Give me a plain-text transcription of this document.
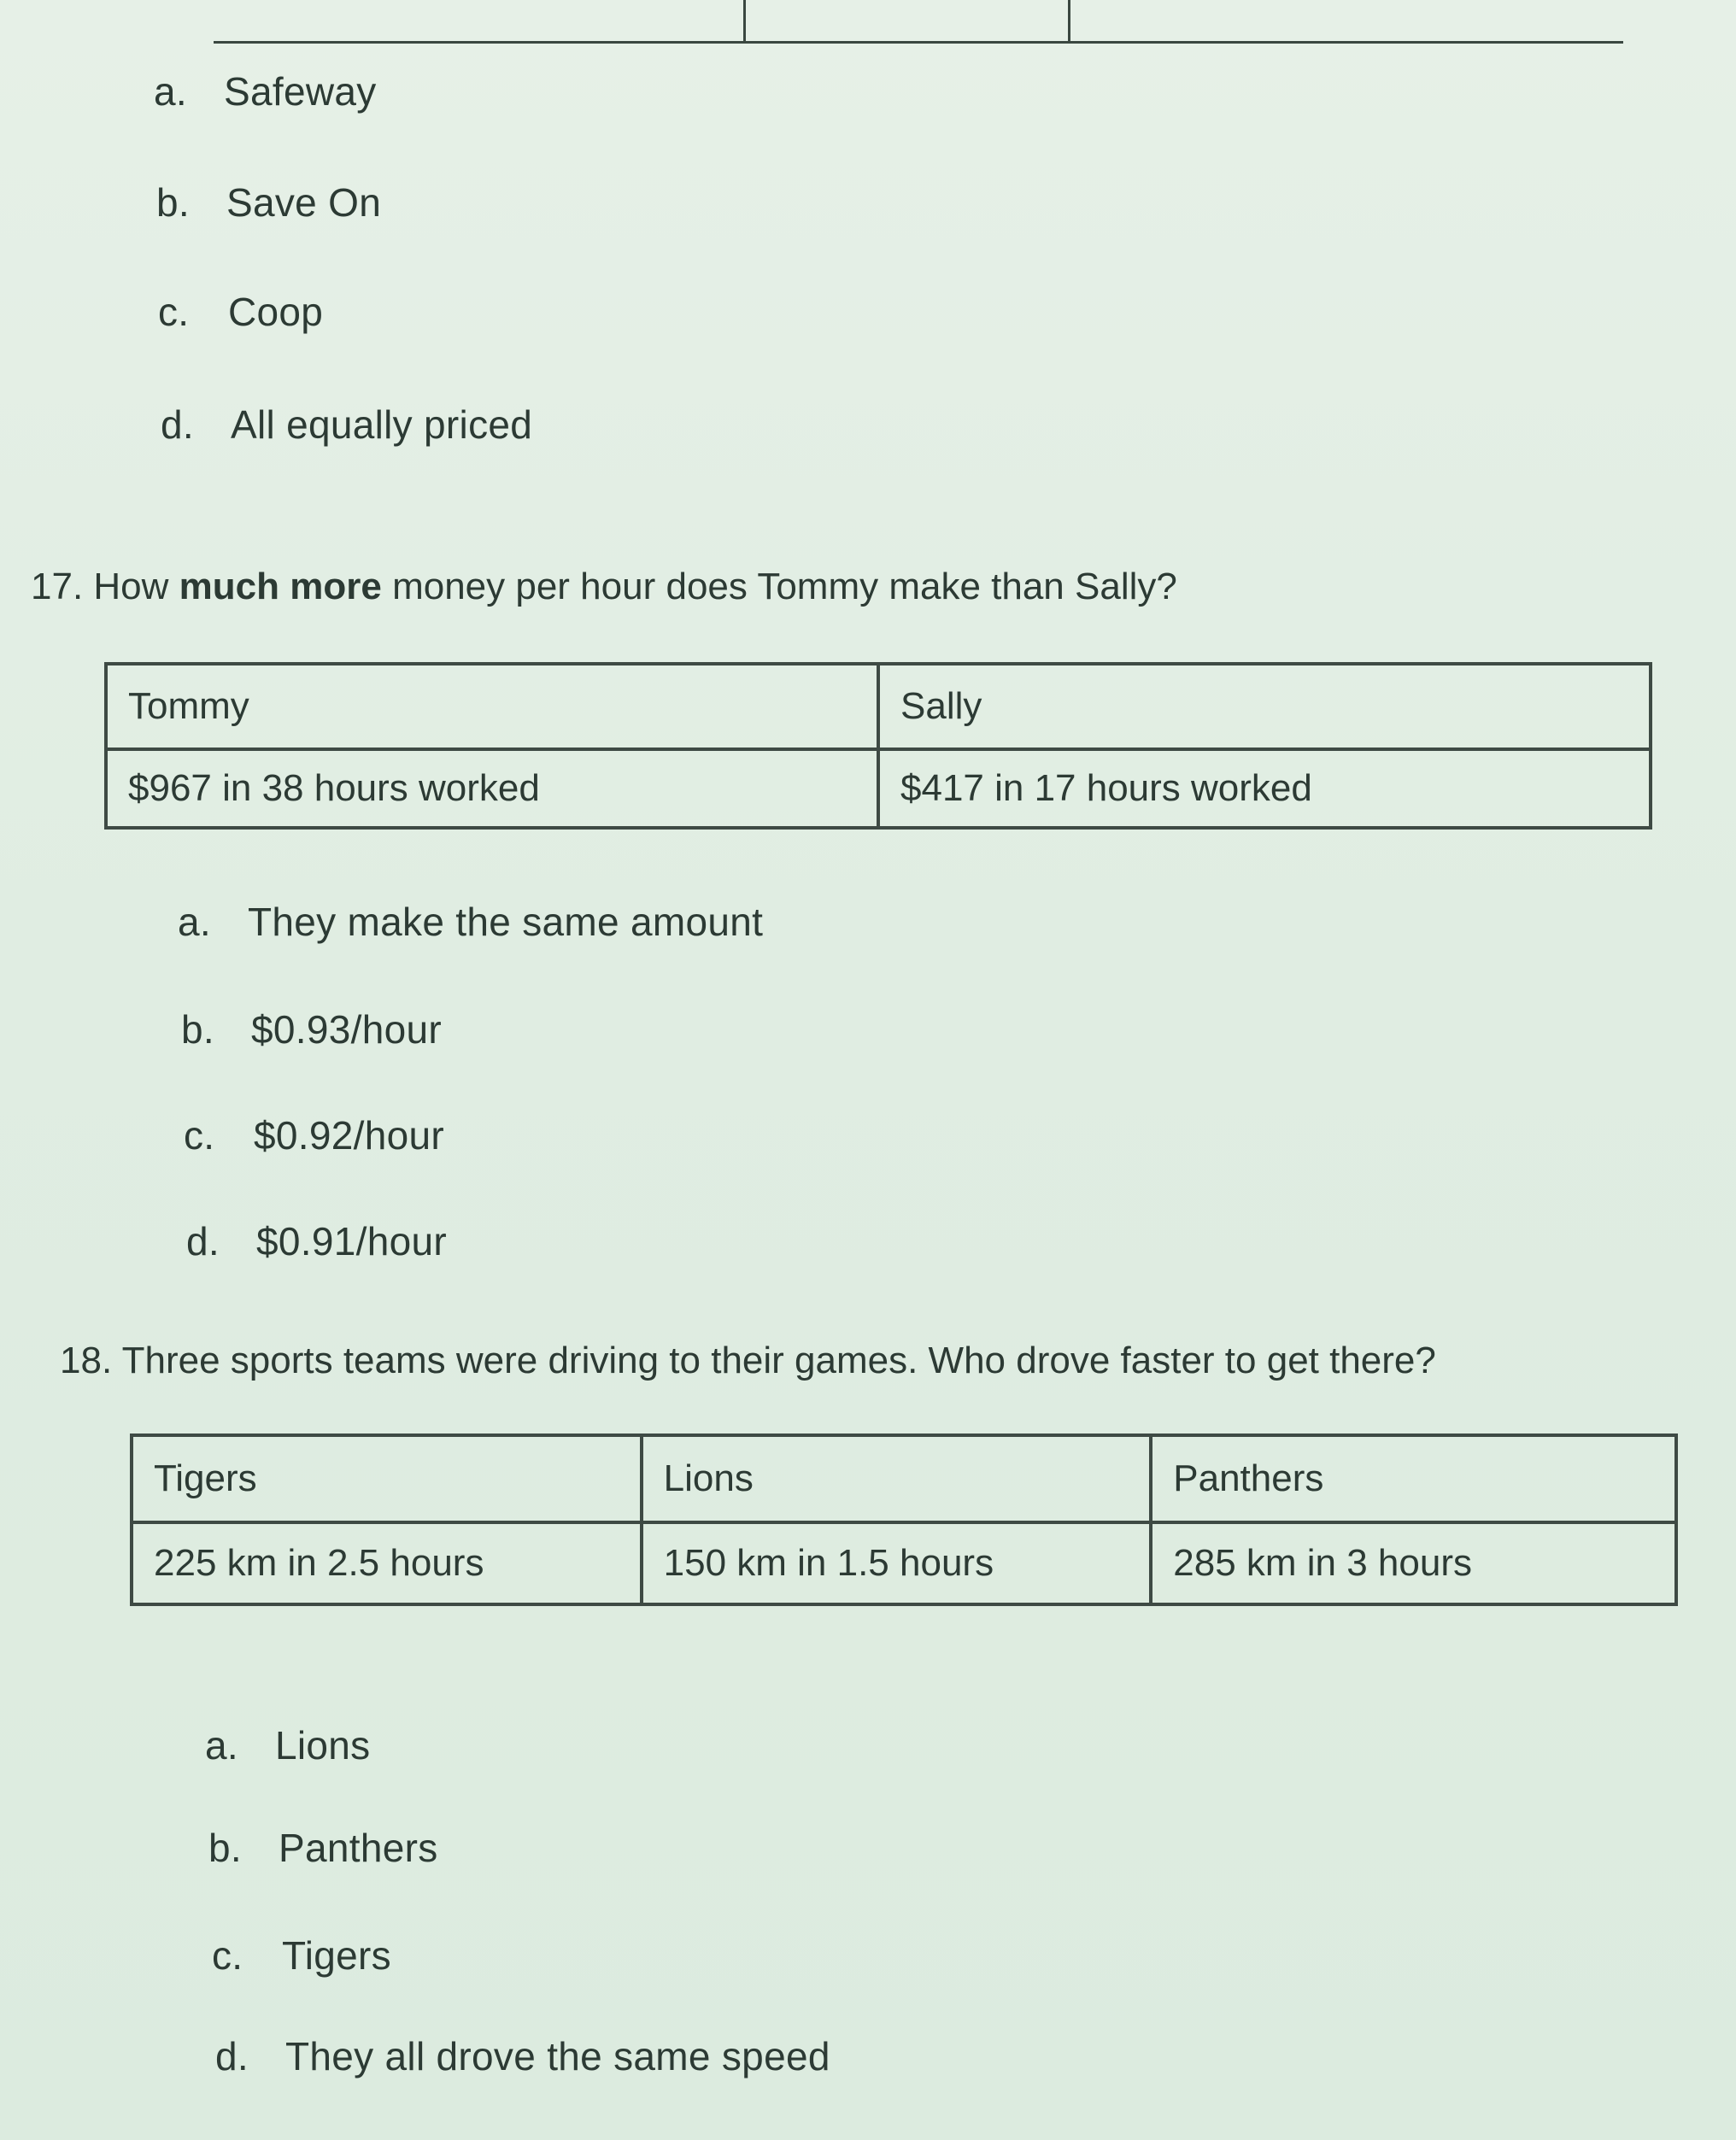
a. Safeway
b. Save On
c. Coop
d. All equally priced
17. How much more money per hour does Tommy make than Sally?
Tommy	Sally
$967 in 38 hours worked	$417 in 17 hours worked
a. They make the same amount
b. $0.93/hour
c. $0.92/hour
d. $0.91/hour
18. Three sports teams were driving to their games. Who drove faster to get there?
Tigers	Lions	Panthers
225 km in 2.5 hours	150 km in 1.5 hours	285 km in 3 hours
a. Lions
b. Panthers
c. Tigers
d. They all drove the same speed
